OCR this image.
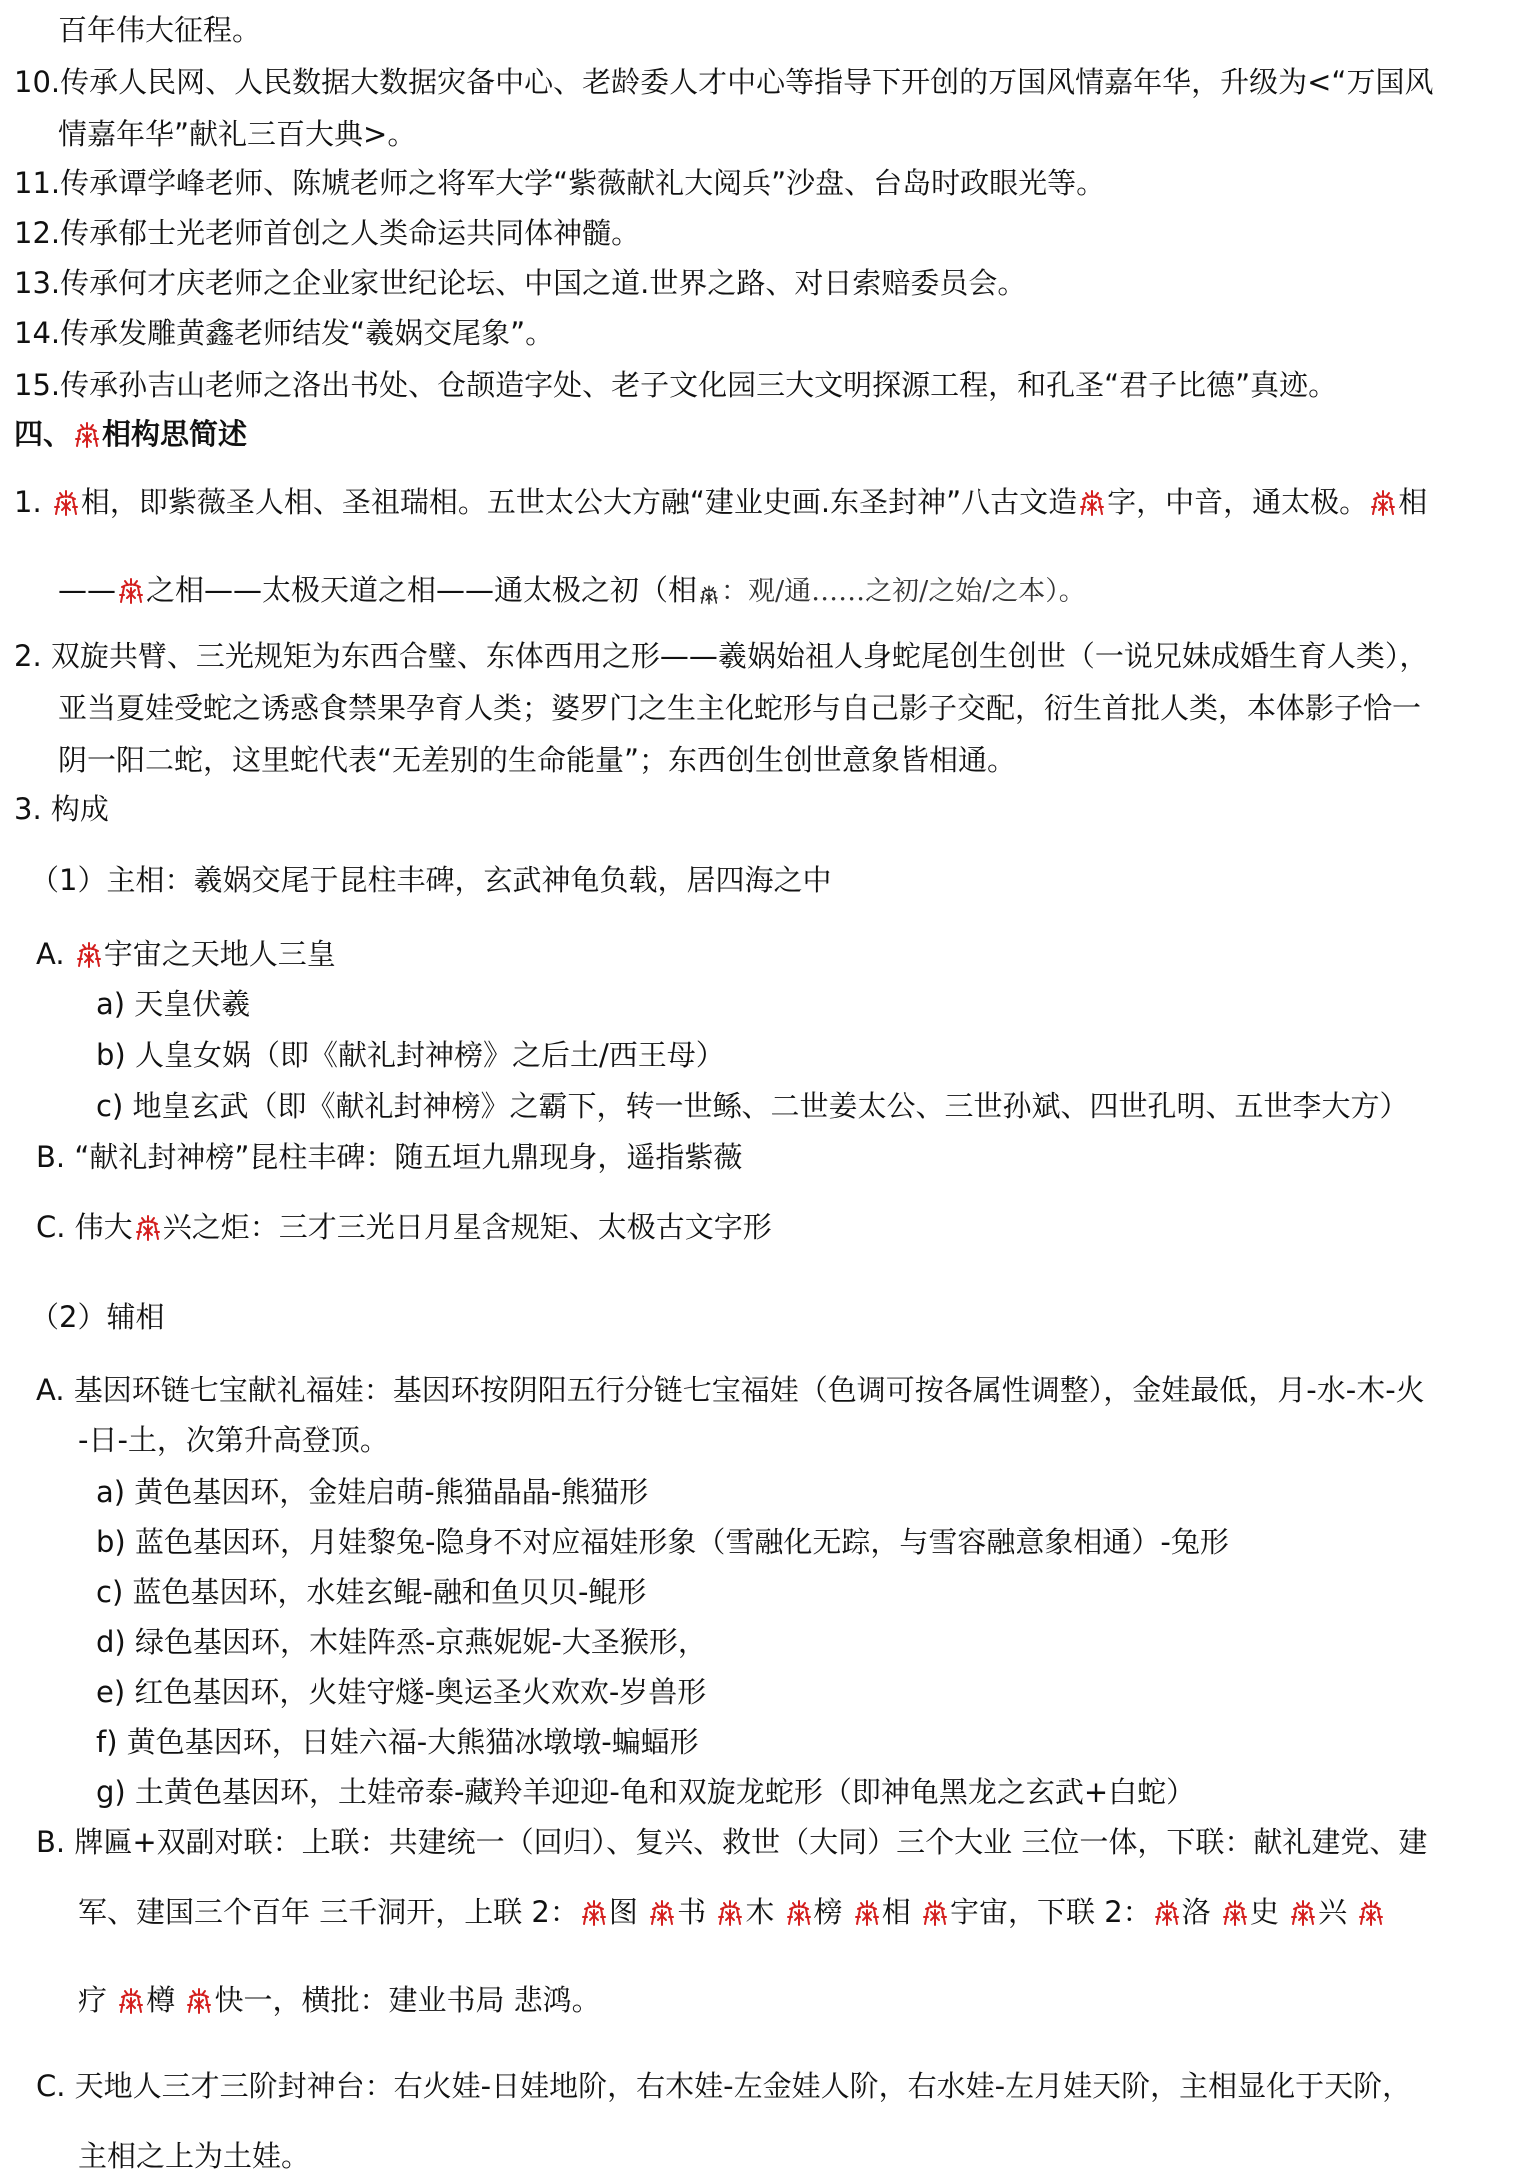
百年伟大征程。
10.传承人民网、人民数据大数据灾备中心、老龄委人才中心等指导下开创的万国风情嘉年华，升级为<“万国风
情嘉年华”献礼三百大典>。
11.传承谭学峰老师、陈虓老师之将军大学“紫薇献礼大阅兵”沙盘、台岛时政眼光等。
12.传承郁士光老师首创之人类命运共同体神髓。
13.传承何才庆老师之企业家世纪论坛、中国之道.世界之路、对日索赔委员会。
14.传承发雕黄鑫老师结发“羲娲交尾象”。
15.传承孙吉山老师之洛出书处、仓颉造字处、老子文化园三大文明探源工程，和孔圣“君子比德”真迹。
四、 相构思简述
1. 相，即紫薇圣人相、圣祖瑞相。五世太公大方融“建业史画.东圣封神”八古文造 字，中音，通太极。 相
—— 之相——太极天道之相——通太极之初（相 ：观/通……之初/之始/之本）。
2. 双旋共臂、三光规矩为东西合璧、东体西用之形——羲娲始祖人身蛇尾创生创世（一说兄妹成婚生育人类），
亚当夏娃受蛇之诱惑食禁果孕育人类；婆罗门之生主化蛇形与自己影子交配，衍生首批人类，本体影子恰一
阴一阳二蛇，这里蛇代表“无差别的生命能量”；东西创生创世意象皆相通。
3. 构成
（1）主相：羲娲交尾于昆柱丰碑，玄武神龟负载，居四海之中
A. 宇宙之天地人三皇
a) 天皇伏羲
b) 人皇女娲（即《献礼封神榜》之后土/西王母）
c) 地皇玄武（即《献礼封神榜》之霸下，转一世鲧、二世姜太公、三世孙斌、四世孔明、五世李大方）
B. “献礼封神榜”昆柱丰碑：随五垣九鼎现身，遥指紫薇
C. 伟大 兴之炬：三才三光日月星含规矩、太极古文字形
（2）辅相
A. 基因环链七宝献礼福娃：基因环按阴阳五行分链七宝福娃（色调可按各属性调整），金娃最低，月-水-木-火
-日-土，次第升高登顶。
a) 黄色基因环，金娃启萌-熊猫晶晶-熊猫形
b) 蓝色基因环，月娃黎兔-隐身不对应福娃形象（雪融化无踪，与雪容融意象相通）-兔形
c) 蓝色基因环，水娃玄鲲-融和鱼贝贝-鲲形
d) 绿色基因环，木娃阵烝-京燕妮妮-大圣猴形，
e) 红色基因环，火娃守燧-奥运圣火欢欢-岁兽形
f) 黄色基因环，日娃六福-大熊猫冰墩墩-蝙蝠形
g) 土黄色基因环，土娃帝泰-藏羚羊迎迎-龟和双旋龙蛇形（即神龟黑龙之玄武+白蛇）
B. 牌匾+双副对联：上联：共建统一（回归）、复兴、救世（大同）三个大业 三位一体，下联：献礼建党、建
军、建国三个百年 三千洞开，上联 2： 图 书 木 榜 相 宇宙，下联 2： 洛 史 兴
疗 樽 快一，横批：建业书局 悲鸿。
C. 天地人三才三阶封神台：右火娃-日娃地阶，右木娃-左金娃人阶，右水娃-左月娃天阶，主相显化于天阶，
主相之上为土娃。
